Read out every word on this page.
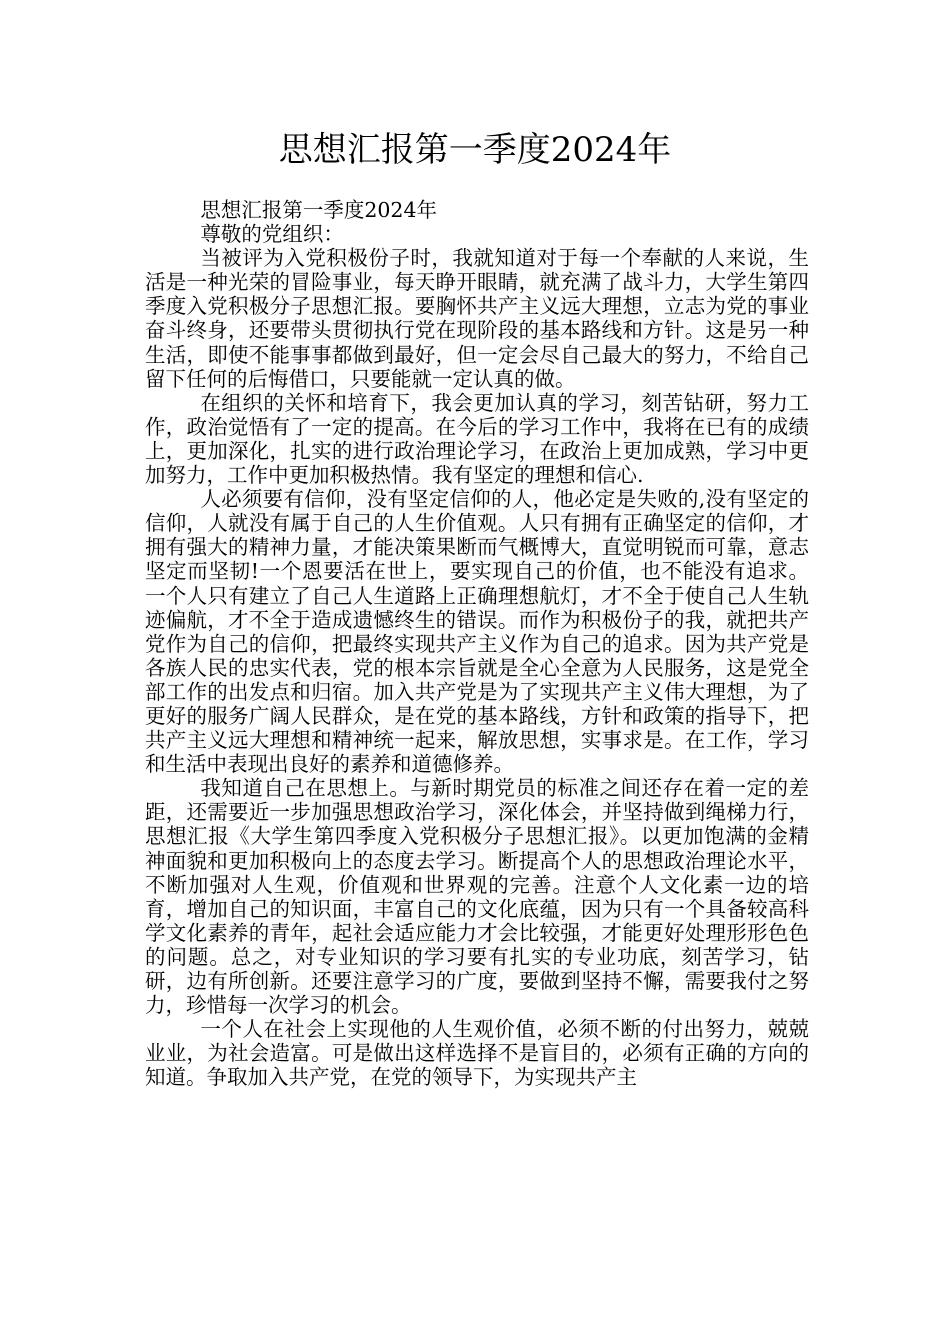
思想汇报第一季度2024年

思想汇报第一季度2024年

尊敬的党组织：

当被评为入党积极份子时，我就知道对于每一个奉献的人来说，生活是一种光荣的冒险事业，每天睁开眼睛，就充满了战斗力，大学生第四季度入党积极分子思想汇报。要胸怀共产主义远大理想，立志为党的事业奋斗终身，还要带头贯彻执行党在现阶段的基本路线和方针。这是另一种生活，即使不能事事都做到最好，但一定会尽自己最大的努力，不给自己留下任何的后悔借口，只要能就一定认真的做。

在组织的关怀和培育下，我会更加认真的学习，刻苦钻研，努力工作，政治觉悟有了一定的提高。在今后的学习工作中，我将在已有的成绩上，更加深化，扎实的进行政治理论学习，在政治上更加成熟，学习中更加努力，工作中更加积极热情。我有坚定的理想和信心.

人必须要有信仰，没有坚定信仰的人，他必定是失败的,没有坚定的信仰，人就没有属于自己的人生价值观。人只有拥有正确坚定的信仰，才拥有强大的精神力量，才能决策果断而气概博大，直觉明锐而可靠，意志坚定而坚韧!一个恩要活在世上，要实现自己的价值，也不能没有追求。一个人只有建立了自己人生道路上正确理想航灯，才不全于使自己人生轨迹偏航，才不全于造成遗憾终生的错误。而作为积极份子的我，就把共产党作为自己的信仰，把最终实现共产主义作为自己的追求。因为共产党是各族人民的忠实代表，党的根本宗旨就是全心全意为人民服务，这是党全部工作的出发点和归宿。加入共产党是为了实现共产主义伟大理想，为了更好的服务广阔人民群众，是在党的基本路线，方针和政策的指导下，把共产主义远大理想和精神统一起来，解放思想，实事求是。在工作，学习和生活中表现出良好的素养和道德修养。

我知道自己在思想上。与新时期党员的标准之间还存在着一定的差距，还需要近一步加强思想政治学习，深化体会，并坚持做到绳梯力行，思想汇报《大学生第四季度入党积极分子思想汇报》。以更加饱满的金精神面貌和更加积极向上的态度去学习。断提高个人的思想政治理论水平，不断加强对人生观，价值观和世界观的完善。注意个人文化素一边的培育，增加自己的知识面，丰富自己的文化底蕴，因为只有一个具备较高科学文化素养的青年，起社会适应能力才会比较强，才能更好处理形形色色的问题。总之，对专业知识的学习要有扎实的专业功底，刻苦学习，钻研，边有所创新。还要注意学习的广度，要做到坚持不懈，需要我付之努力，珍惜每一次学习的机会。

一个人在社会上实现他的人生观价值，必须不断的付出努力，兢兢业业，为社会造富。可是做出这样选择不是盲目的，必须有正确的方向的知道。争取加入共产党，在党的领导下，为实现共产主
